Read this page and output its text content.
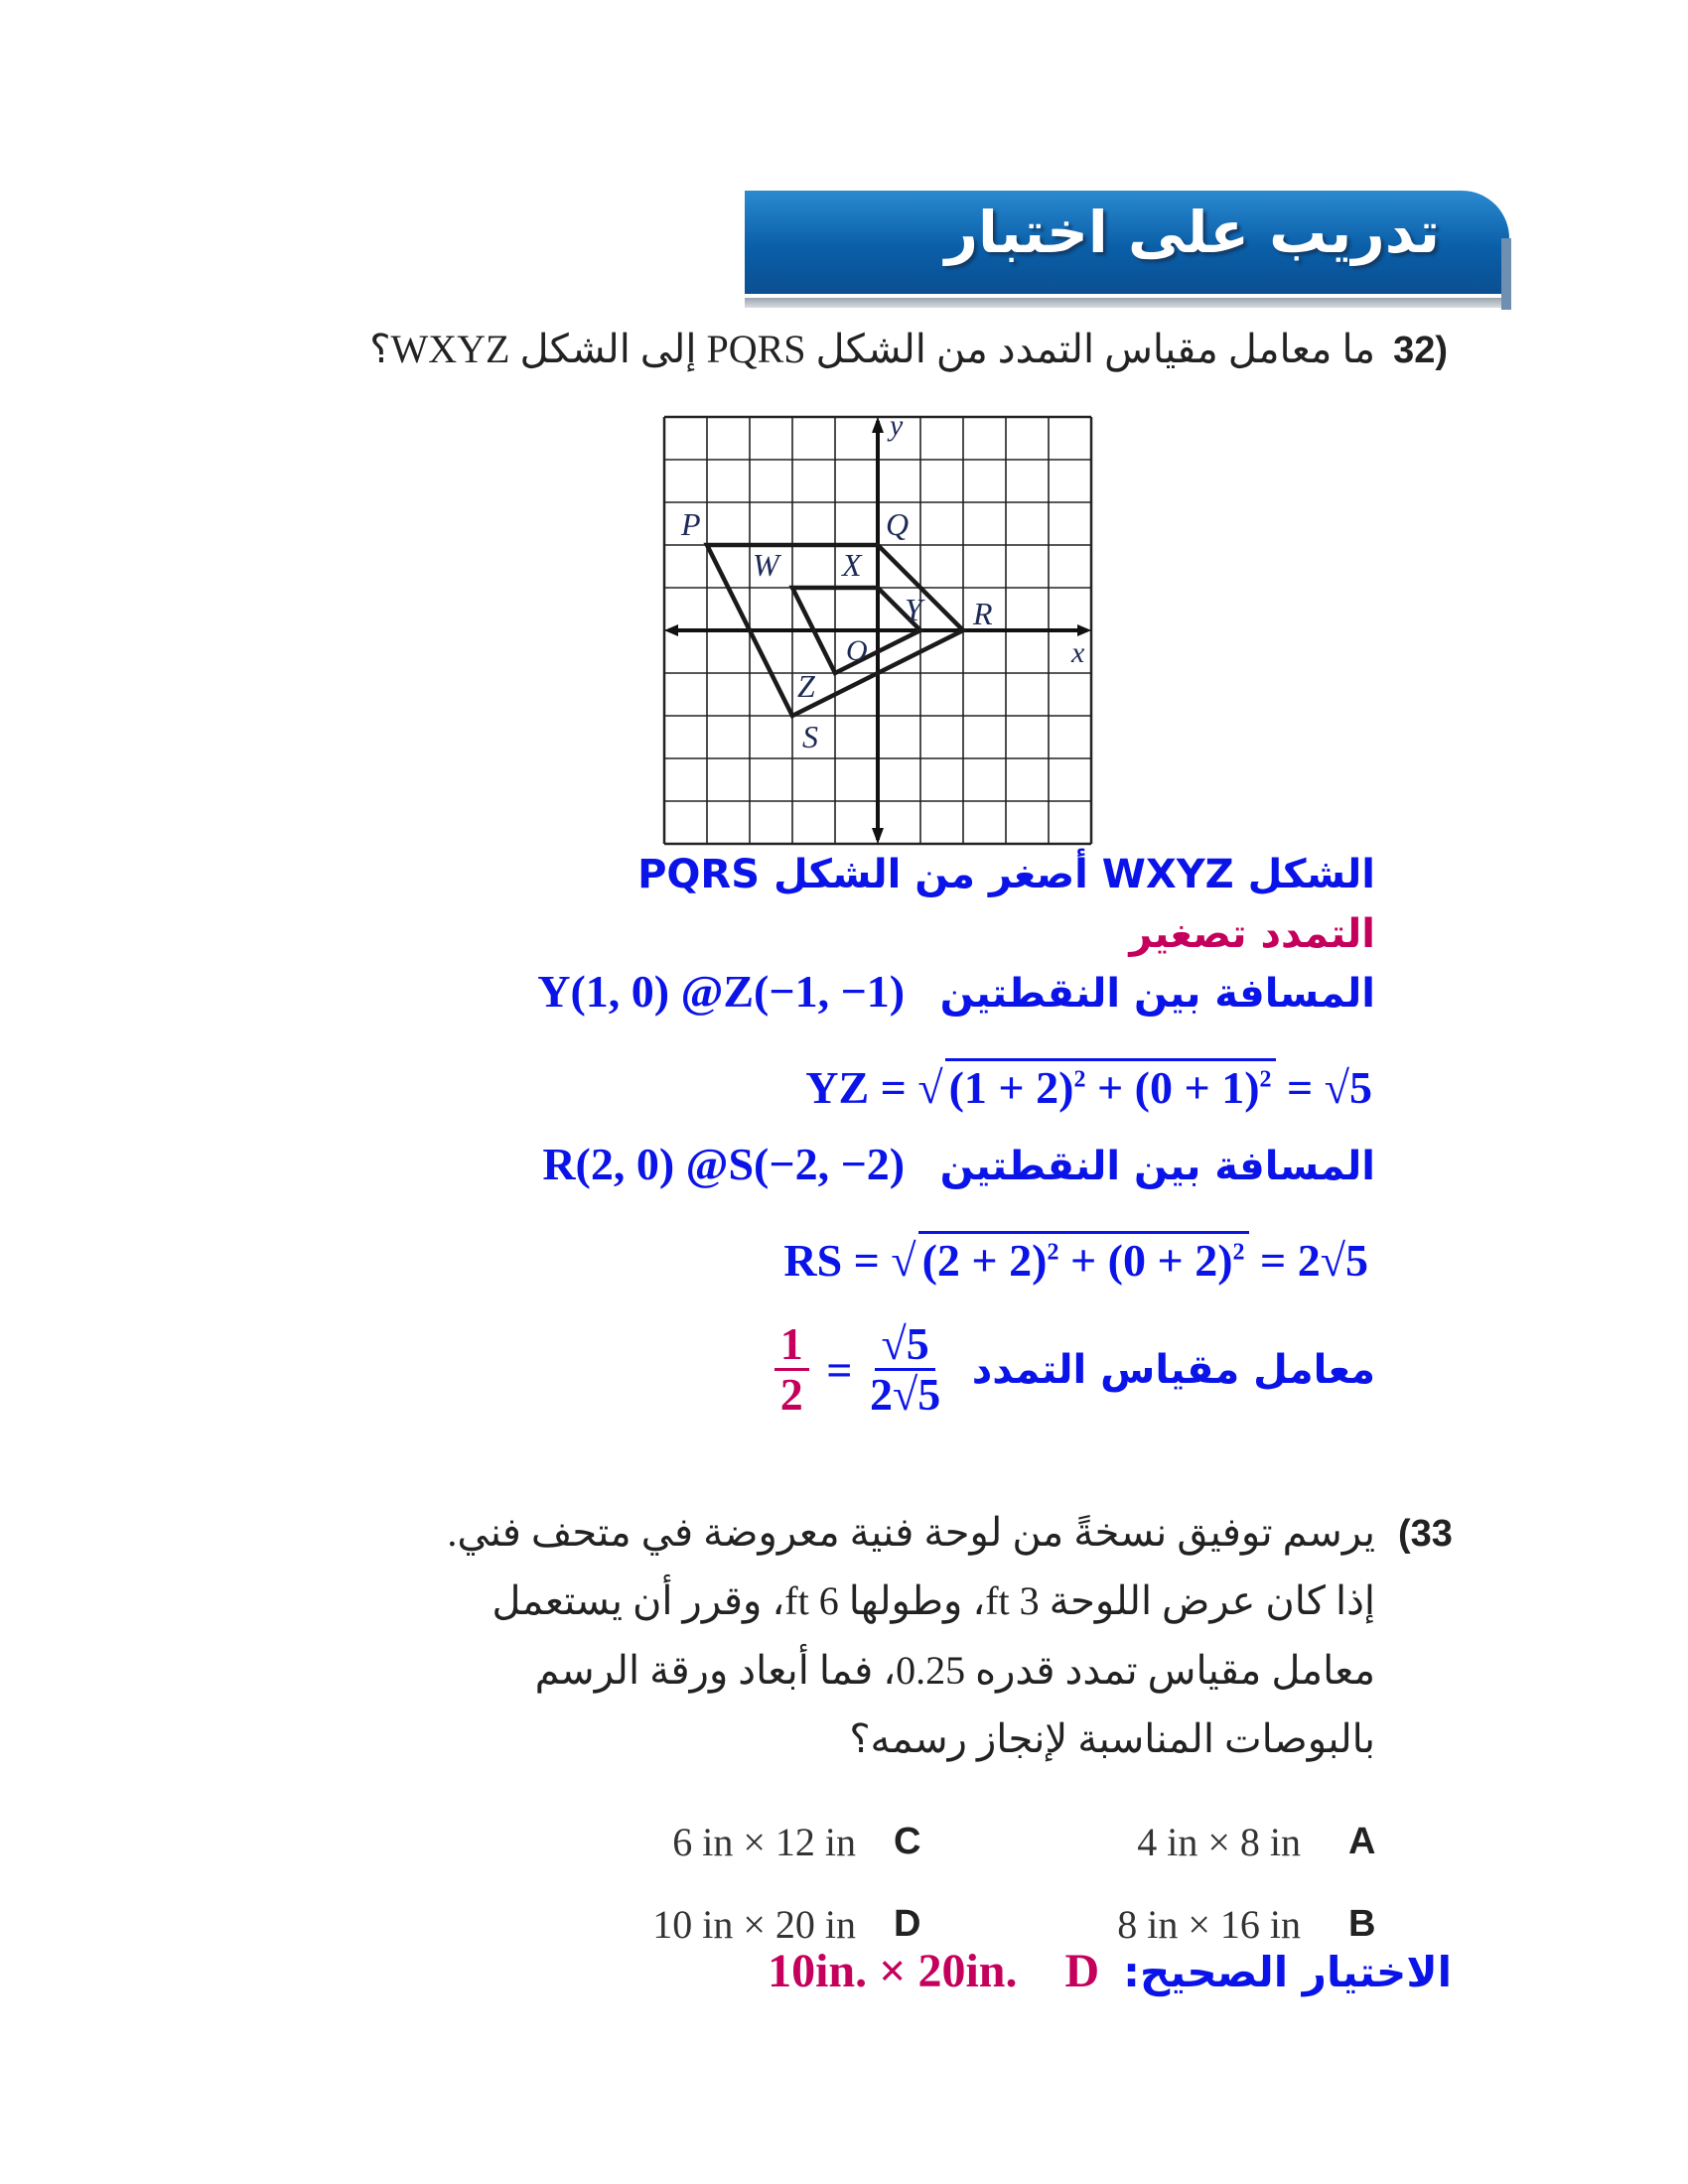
تدريب على اختبار
(32 ما معامل مقياس التمدد من الشكل PQRS إلى الشكل WXYZ؟
P	Q
R
S
W X
Y
Z
y
x
O
الشكل WXYZ أصغر من الشكل PQRS
التمدد تصغير
المسافة بين النقطتين Y(1, 0) @Z(−1, −1)
YZ = √ $(1 + 2)^2 + (0 + 1)^2 = √5$
المسافة بين النقطتين R(2, 0) @S(−2, −2)
RS = √ $(2 + 2)^2 + (0 + 2)^2 = 2√5$
معامل مقياس التمدد
$\frac{1}{2} = \frac{√5}{2√5}$
(33
يرسم توفيق نسخةً من لوحة فنية معروضة في متحف فني.
إذا كان عرض اللوحة 3 ft، وطولها 6 ft، وقرر أن يستعمل
معامل مقياس تمدد قدره 0.25، فما أبعاد ورقة الرسم
بالبوصات المناسبة لإنجاز رسمه؟
A
4 in × 8 in
B
8 in × 16 in
C
6 in × 12 in
D
10 in × 20 in
الاختيار الصحيح: D 10in. × 20in.
